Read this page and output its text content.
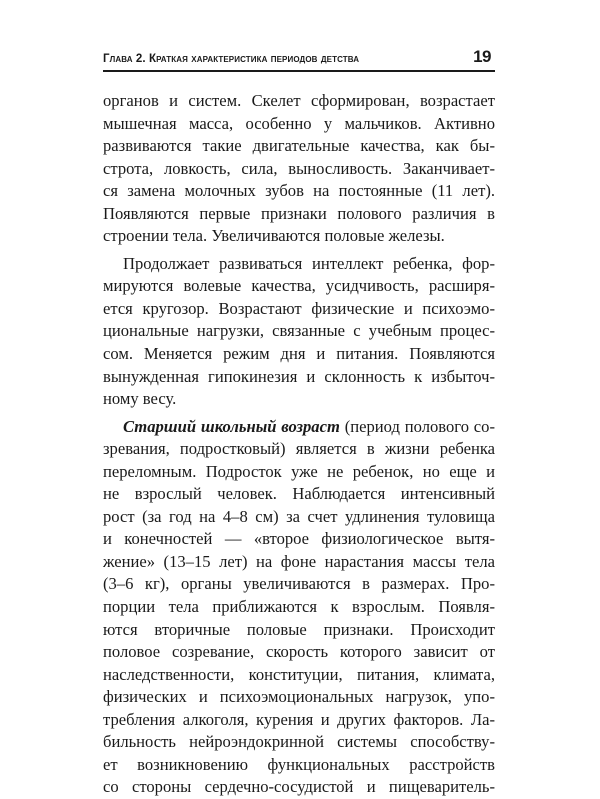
Глава 2. Краткая характеристика периодов детства	19
органов и систем. Скелет сформирован, возрастает
мышечная масса, особенно у мальчиков. Активно
развиваются такие двигательные качества, как бы-
строта, ловкость, сила, выносливость. Заканчивает-
ся замена молочных зубов на постоянные (11 лет).
Появляются первые признаки полового различия в
строении тела. Увеличиваются половые железы.
Продолжает развиваться интеллект ребенка, фор-
мируются волевые качества, усидчивость, расширя-
ется кругозор. Возрастают физические и психоэмо-
циональные нагрузки, связанные с учебным процес-
сом. Меняется режим дня и питания. Появляются
вынужденная гипокинезия и склонность к избыточ-
ному весу.
Старший школьный возраст (период полового со-
зревания, подростковый) является в жизни ребенка
переломным. Подросток уже не ребенок, но еще и
не взрослый человек. Наблюдается интенсивный
рост (за год на 4–8 см) за счет удлинения туловища
и конечностей — «второе физиологическое вытя-
жение» (13–15 лет) на фоне нарастания массы тела
(3–6 кг), органы увеличиваются в размерах. Про-
порции тела приближаются к взрослым. Появля-
ются вторичные половые признаки. Происходит
половое созревание, скорость которого зависит от
наследственности, конституции, питания, климата,
физических и психоэмоциональных нагрузок, упо-
требления алкоголя, курения и других факторов. Ла-
бильность нейроэндокринной системы способству-
ет возникновению функциональных расстройств
со стороны сердечно-сосудистой и пищеваритель-
